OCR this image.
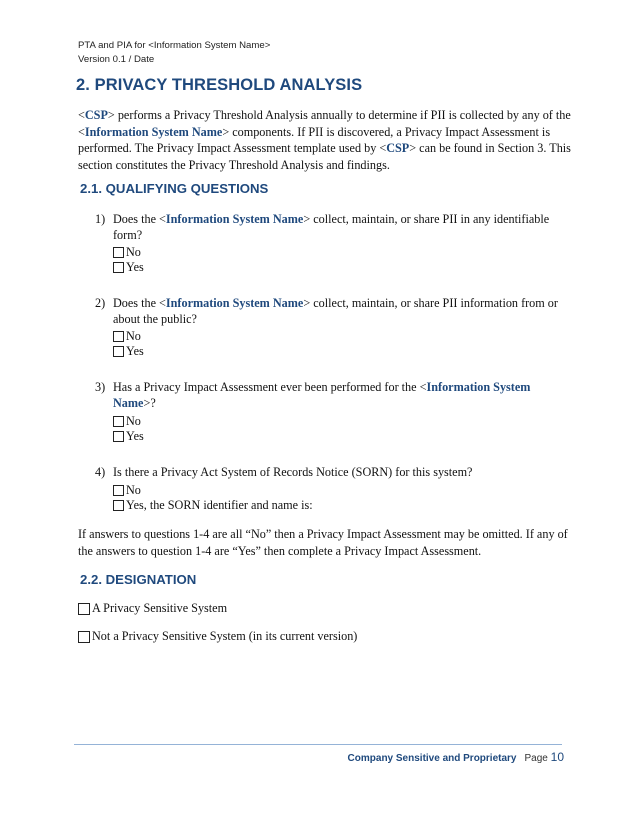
PTA and PIA for <Information System Name>
Version 0.1 / Date
2. PRIVACY THRESHOLD ANALYSIS
<CSP> performs a Privacy Threshold Analysis annually to determine if PII is collected by any of the <Information System Name> components. If PII is discovered, a Privacy Impact Assessment is performed. The Privacy Impact Assessment template used by <CSP> can be found in Section 3. This section constitutes the Privacy Threshold Analysis and findings.
2.1. QUALIFYING QUESTIONS
1) Does the <Information System Name> collect, maintain, or share PII in any identifiable form?
No
Yes
2) Does the <Information System Name> collect, maintain, or share PII information from or about the public?
No
Yes
3) Has a Privacy Impact Assessment ever been performed for the <Information System Name>?
No
Yes
4) Is there a Privacy Act System of Records Notice (SORN) for this system?
No
Yes, the SORN identifier and name is:
If answers to questions 1-4 are all “No” then a Privacy Impact Assessment may be omitted. If any of the answers to question 1-4 are “Yes” then complete a Privacy Impact Assessment.
2.2. DESIGNATION
A Privacy Sensitive System
Not a Privacy Sensitive System (in its current version)
Company Sensitive and Proprietary Page 10
